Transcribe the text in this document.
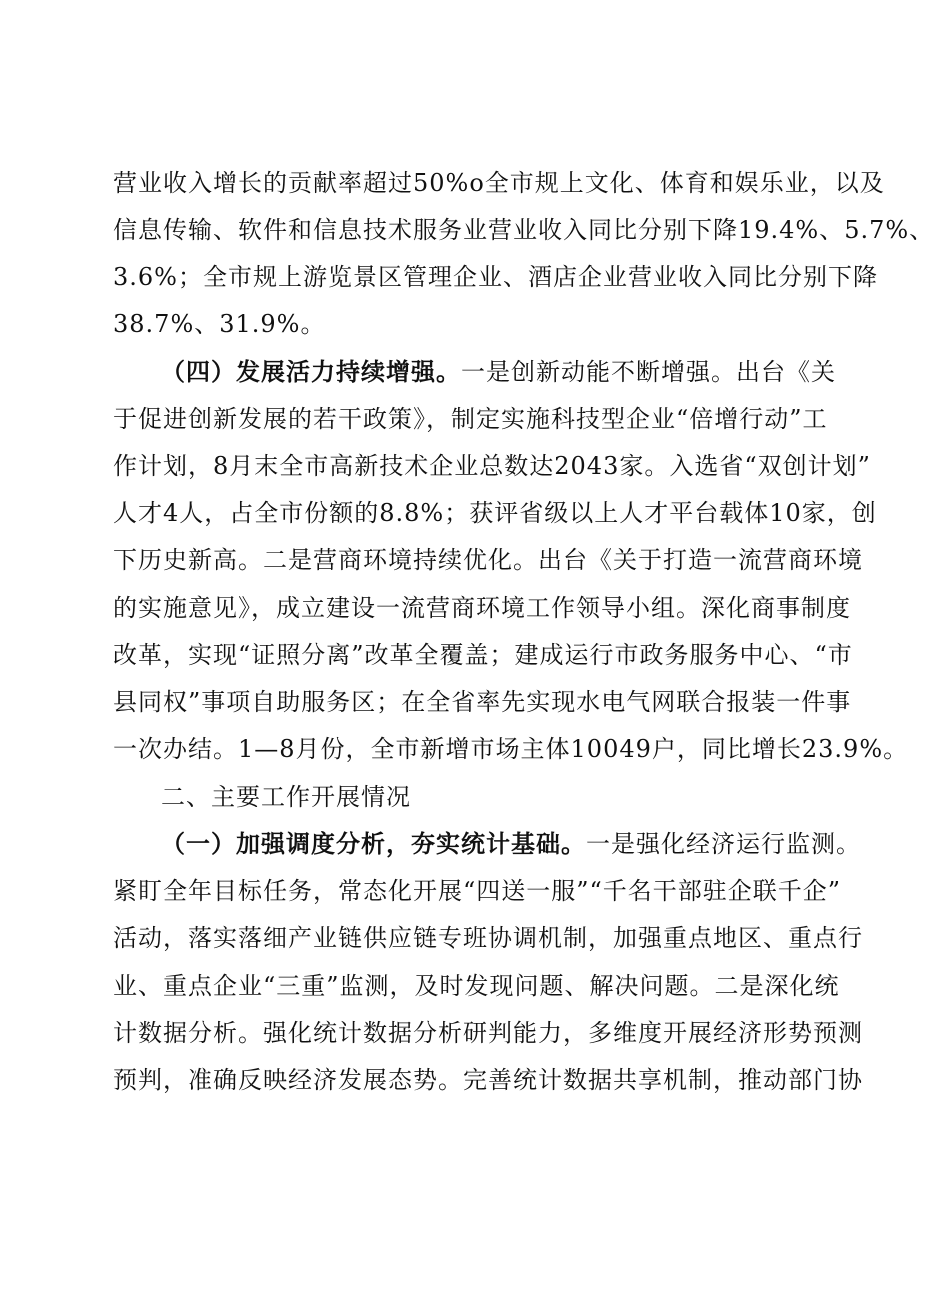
营业收入增长的贡献率超过50%o全市规上文化、体育和娱乐业，以及
信息传输、软件和信息技术服务业营业收入同比分别下降19.4%、5.7%、
3.6%；全市规上游览景区管理企业、酒店企业营业收入同比分别下降
38.7%、31.9%。
（四）发展活力持续增强。一是创新动能不断增强。出台《关
于促进创新发展的若干政策》，制定实施科技型企业“倍增行动”工
作计划，8月末全市高新技术企业总数达2043家。入选省“双创计划”
人才4人，占全市份额的8.8%；获评省级以上人才平台载体10家，创
下历史新高。二是营商环境持续优化。出台《关于打造一流营商环境
的实施意见》，成立建设一流营商环境工作领导小组。深化商事制度
改革，实现“证照分离”改革全覆盖；建成运行市政务服务中心、“市
县同权”事项自助服务区；在全省率先实现水电气网联合报装一件事
一次办结。1—8月份，全市新增市场主体10049户，同比增长23.9%。
二、主要工作开展情况
（一）加强调度分析，夯实统计基础。一是强化经济运行监测。
紧盯全年目标任务，常态化开展“四送一服”“千名干部驻企联千企”
活动，落实落细产业链供应链专班协调机制，加强重点地区、重点行
业、重点企业“三重”监测，及时发现问题、解决问题。二是深化统
计数据分析。强化统计数据分析研判能力，多维度开展经济形势预测
预判，准确反映经济发展态势。完善统计数据共享机制，推动部门协
